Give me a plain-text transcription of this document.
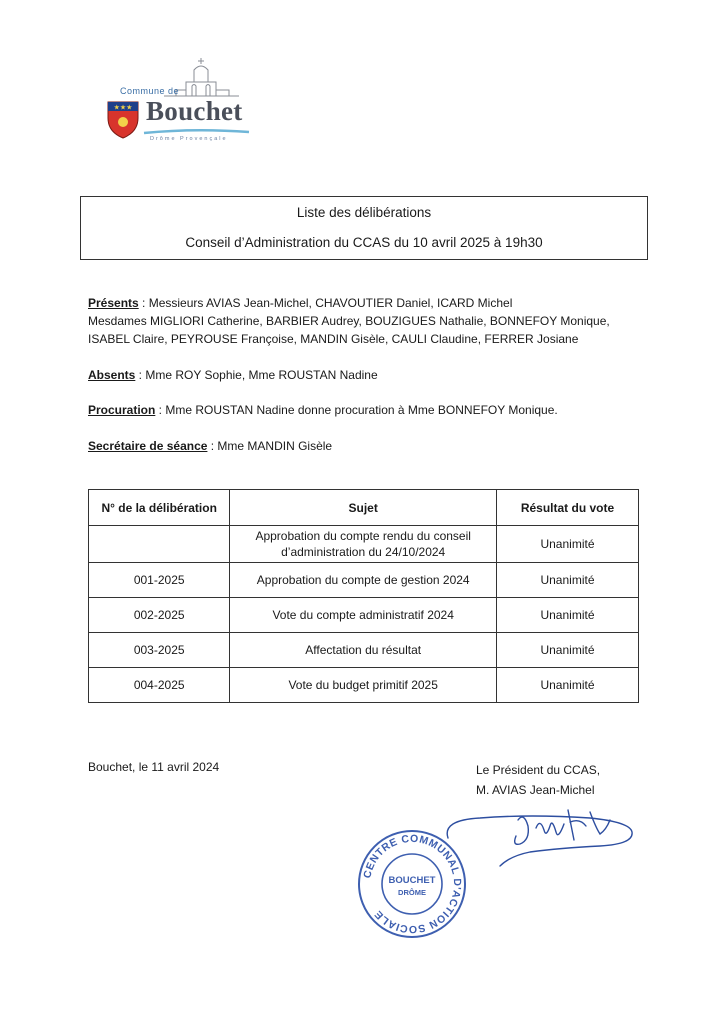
★★★
Commune de
Bouchet
Drôme Provençale
Liste des délibérations
Conseil d’Administration du CCAS du 10 avril 2025 à 19h30
Présents : Messieurs AVIAS Jean-Michel, CHAVOUTIER Daniel, ICARD Michel
Mesdames MIGLIORI Catherine, BARBIER Audrey, BOUZIGUES Nathalie, BONNEFOY Monique,
ISABEL Claire, PEYROUSE Françoise, MANDIN Gisèle, CAULI Claudine, FERRER Josiane
Absents : Mme ROY Sophie, Mme ROUSTAN Nadine
Procuration : Mme ROUSTAN Nadine donne procuration à Mme BONNEFOY Monique.
Secrétaire de séance : Mme MANDIN Gisèle
N° de la délibération	Sujet	Résultat du vote

	Approbation du compte rendu du conseil
d’administration du 24/10/2024	Unanimité
001-2025	Approbation du compte de gestion 2024	Unanimité
002-2025	Vote du compte administratif 2024	Unanimité
003-2025	Affectation du résultat	Unanimité
004-2025	Vote du budget primitif 2025	Unanimité
Bouchet, le 11 avril 2024	Le Président du CCAS,
M. AVIAS Jean-Michel
CENTRE COMMUNAL D'ACTION SOCIALE
BOUCHET
DRÔME
